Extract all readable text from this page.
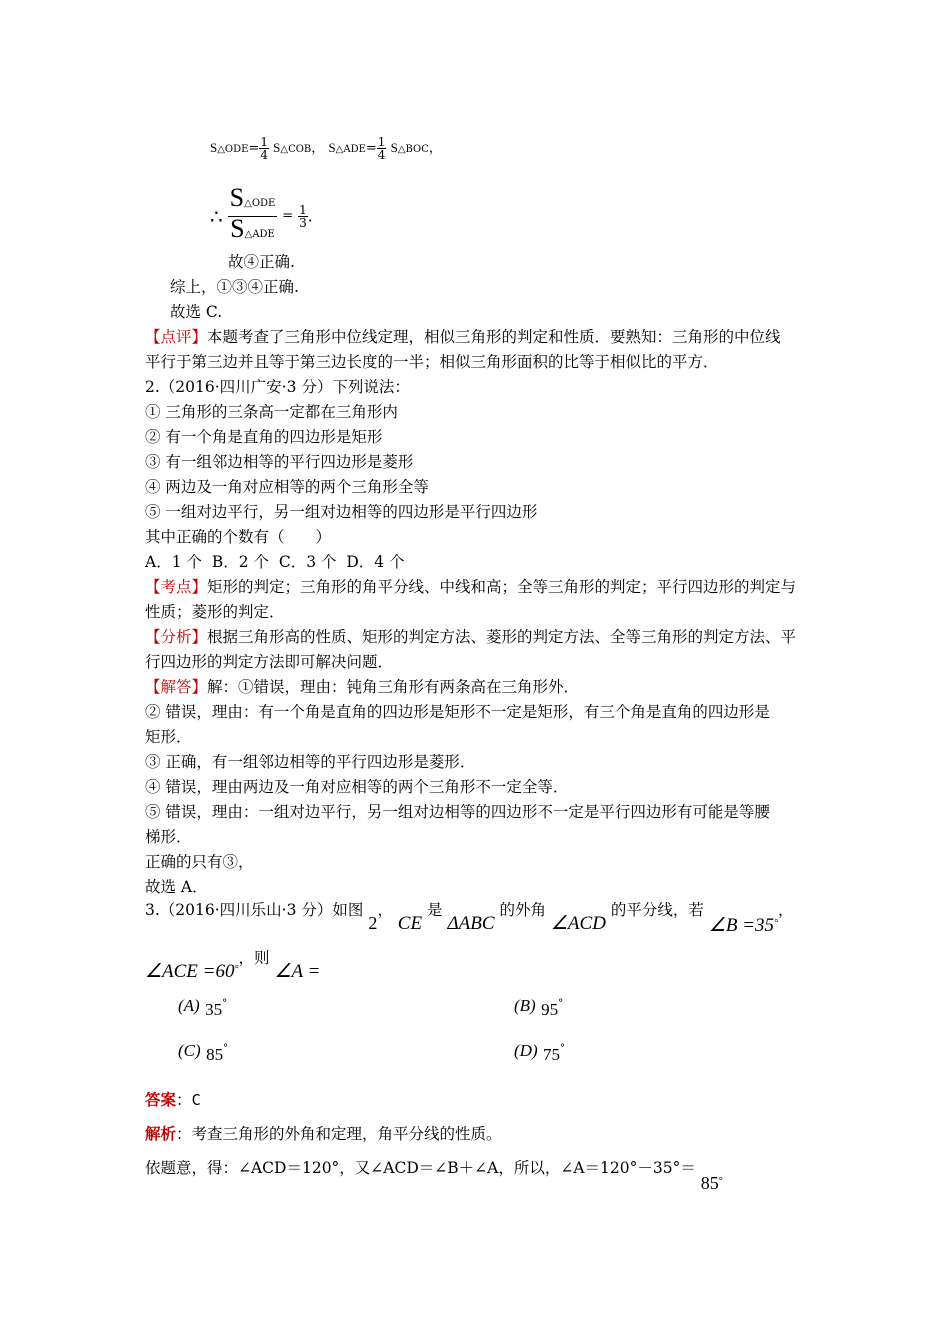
S△ODE= $\frac{1}{4}$ S△COB， S△ADE= $\frac{1}{4}$ S△BOC，
∴
S△ODE
S△ADE
= $\frac{1}{3}$ .
故④正确.
综上，①③④正确.
故选 C.
【点评】本题考查了三角形中位线定理，相似三角形的判定和性质．要熟知：三角形的中位线
平行于第三边并且等于第三边长度的一半；相似三角形面积的比等于相似比的平方．
2.（2016·四川广安·3 分）下列说法：
① 三角形的三条高一定都在三角形内
② 有一个角是直角的四边形是矩形
③ 有一组邻边相等的平行四边形是菱形
④ 两边及一角对应相等的两个三角形全等
⑤ 一组对边平行，另一组对边相等的四边形是平行四边形
其中正确的个数有（　　）
A．1 个  B．2 个  C．3 个  D．4 个
【考点】矩形的判定；三角形的角平分线、中线和高；全等三角形的判定；平行四边形的判定与
性质；菱形的判定．
【分析】根据三角形高的性质、矩形的判定方法、菱形的判定方法、全等三角形的判定方法、平
行四边形的判定方法即可解决问题．
【解答】解：①错误，理由：钝角三角形有两条高在三角形外．
② 错误，理由：有一个角是直角的四边形是矩形不一定是矩形，有三个角是直角的四边形是
矩形．
③ 正确，有一组邻边相等的平行四边形是菱形．
④ 错误，理由两边及一角对应相等的两个三角形不一定全等．
⑤ 错误，理由：一组对边平行，另一组对边相等的四边形不一定是平行四边形有可能是等腰
梯形．
正确的只有③，
故选 A．
3.（2016·四川乐山·3 分）如图 2， CE 是 ΔABC 的外角 ∠ACD 的平分线，若 ∠B =35°，
∠ACE =60°，则 ∠A =
(A) 35°	(B) 95°
(C) 85°	(D) 75°
答案：C
解析：考查三角形的外角和定理，角平分线的性质。
依题意，得：∠ACD＝120°，又∠ACD＝∠B＋∠A，所以，∠A＝120°－35°＝ 85°
